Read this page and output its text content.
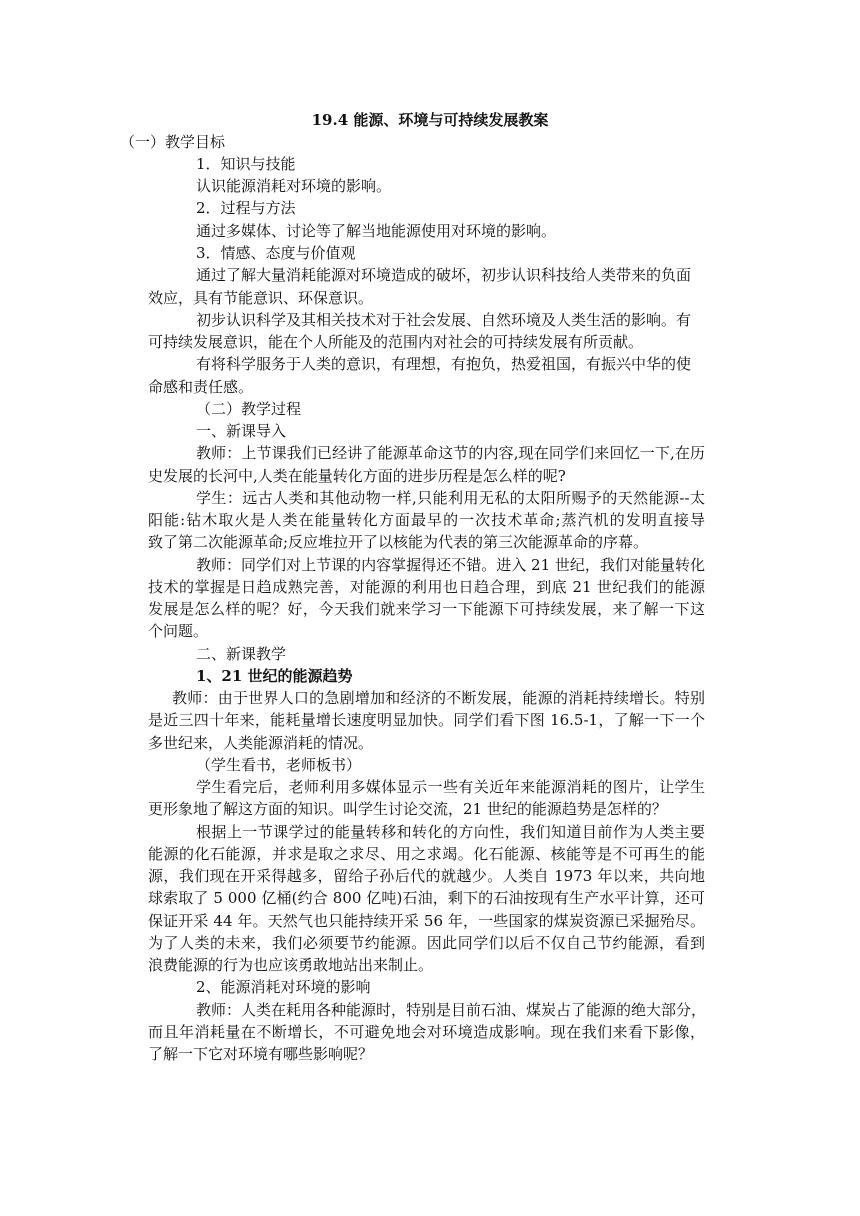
19.4 能源、环境与可持续发展教案
（一）教学目标
1．知识与技能
认识能源消耗对环境的影响。
2．过程与方法
通过多媒体、讨论等了解当地能源使用对环境的影响。
3．情感、态度与价值观
通过了解大量消耗能源对环境造成的破坏，初步认识科技给人类带来的负面
效应，具有节能意识、环保意识。
初步认识科学及其相关技术对于社会发展、自然环境及人类生活的影响。有
可持续发展意识，能在个人所能及的范围内对社会的可持续发展有所贡献。
有将科学服务于人类的意识，有理想，有抱负，热爱祖国，有振兴中华的使
命感和责任感。
（二）教学过程
一、新课导入
教师：上节课我们已经讲了能源革命这节的内容,现在同学们来回忆一下,在历
史发展的长河中,人类在能量转化方面的进步历程是怎么样的呢?
学生：远古人类和其他动物一样,只能利用无私的太阳所赐予的天然能源--太
阳能:钻木取火是人类在能量转化方面最早的一次技术革命;蒸汽机的发明直接导
致了第二次能源革命;反应堆拉开了以核能为代表的第三次能源革命的序幕。
教师：同学们对上节课的内容掌握得还不错。进入 21 世纪，我们对能量转化
技术的掌握是日趋成熟完善，对能源的利用也日趋合理，到底 21 世纪我们的能源
发展是怎么样的呢？好，今天我们就来学习一下能源下可持续发展，来了解一下这
个问题。
二、新课教学
1、21 世纪的能源趋势
教师：由于世界人口的急剧增加和经济的不断发展，能源的消耗持续增长。特别
是近三四十年来，能耗量增长速度明显加快。同学们看下图 16.5-1，了解一下一个
多世纪来，人类能源消耗的情况。
（学生看书，老师板书）
学生看完后，老师利用多媒体显示一些有关近年来能源消耗的图片，让学生
更形象地了解这方面的知识。叫学生讨论交流，21 世纪的能源趋势是怎样的？
根据上一节课学过的能量转移和转化的方向性，我们知道目前作为人类主要
能源的化石能源，并求是取之求尽、用之求竭。化石能源、核能等是不可再生的能
源，我们现在开采得越多，留给子孙后代的就越少。人类自 1973 年以来，共向地
球索取了 5 000 亿桶(约合 800 亿吨)石油，剩下的石油按现有生产水平计算，还可
保证开采 44 年。天然气也只能持续开采 56 年，一些国家的煤炭资源已采掘殆尽。
为了人类的未来，我们必须要节约能源。因此同学们以后不仅自己节约能源，看到
浪费能源的行为也应该勇敢地站出来制止。
2、能源消耗对环境的影响
教师：人类在耗用各种能源时，特别是目前石油、煤炭占了能源的绝大部分，
而且年消耗量在不断增长，不可避免地会对环境造成影响。现在我们来看下影像，
了解一下它对环境有哪些影响呢？
